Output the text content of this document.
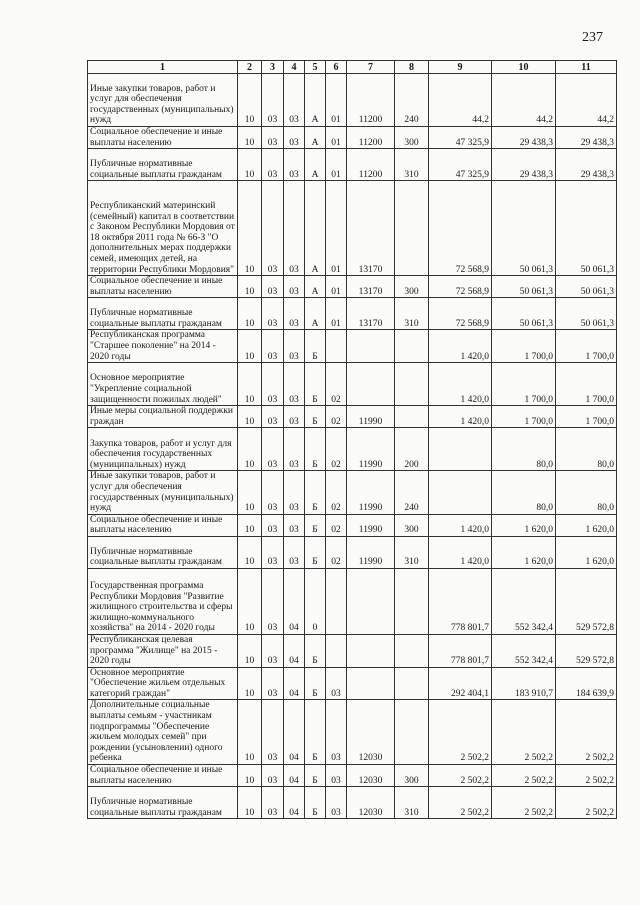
237
1	2	3	4	5	6	7	8	9	10	11
Иные закупки товаров, работ и услуг для обеспечения государственных (муниципальных) нужд	10	03	03	А	01	11200	240	44,2	44,2	44,2
Социальное обеспечение и иные выплаты населению	10	03	03	А	01	11200	300	47 325,9	29 438,3	29 438,3
Публичные нормативные социальные выплаты гражданам	10	03	03	А	01	11200	310	47 325,9	29 438,3	29 438,3
Республиканский материнский (семейный) капитал в соответствии с Законом Республики Мордовия от 18 октября 2011 года № 66-З "О дополнительных мерах поддержки семей, имеющих детей, на территории Республики Мордовия"	10	03	03	А	01	13170		72 568,9	50 061,3	50 061,3
Социальное обеспечение и иные выплаты населению	10	03	03	А	01	13170	300	72 568,9	50 061,3	50 061,3
Публичные нормативные социальные выплаты гражданам	10	03	03	А	01	13170	310	72 568,9	50 061,3	50 061,3
Республиканская программа "Старшее поколение" на 2014 - 2020 годы	10	03	03	Б				1 420,0	1 700,0	1 700,0
Основное мероприятие "Укрепление социальной защищенности пожилых людей"	10	03	03	Б	02			1 420,0	1 700,0	1 700,0
Иные меры социальной поддержки граждан	10	03	03	Б	02	11990		1 420,0	1 700,0	1 700,0
Закупка товаров, работ и услуг для обеспечения государственных (муниципальных) нужд	10	03	03	Б	02	11990	200		80,0	80,0
Иные закупки товаров, работ и услуг для обеспечения государственных (муниципальных) нужд	10	03	03	Б	02	11990	240		80,0	80,0
Социальное обеспечение и иные выплаты населению	10	03	03	Б	02	11990	300	1 420,0	1 620,0	1 620,0
Публичные нормативные социальные выплаты гражданам	10	03	03	Б	02	11990	310	1 420,0	1 620,0	1 620,0
Государственная программа Республики Мордовия "Развитие жилищного строительства и сферы жилищно-коммунального хозяйства" на 2014 - 2020 годы	10	03	04	0				778 801,7	552 342,4	529 572,8
Республиканская целевая программа "Жилище" на 2015 - 2020 годы	10	03	04	Б				778 801,7	552 342,4	529 572,8
Основное мероприятие "Обеспечение жильем отдельных категорий граждан"	10	03	04	Б	03			292 404,1	183 910,7	184 639,9
Дополнительные социальные выплаты семьям - участникам подпрограммы "Обеспечение жильем молодых семей" при рождении (усыновлении) одного ребенка	10	03	04	Б	03	12030		2 502,2	2 502,2	2 502,2
Социальное обеспечение и иные выплаты населению	10	03	04	Б	03	12030	300	2 502,2	2 502,2	2 502,2
Публичные нормативные социальные выплаты гражданам	10	03	04	Б	03	12030	310	2 502,2	2 502,2	2 502,2
